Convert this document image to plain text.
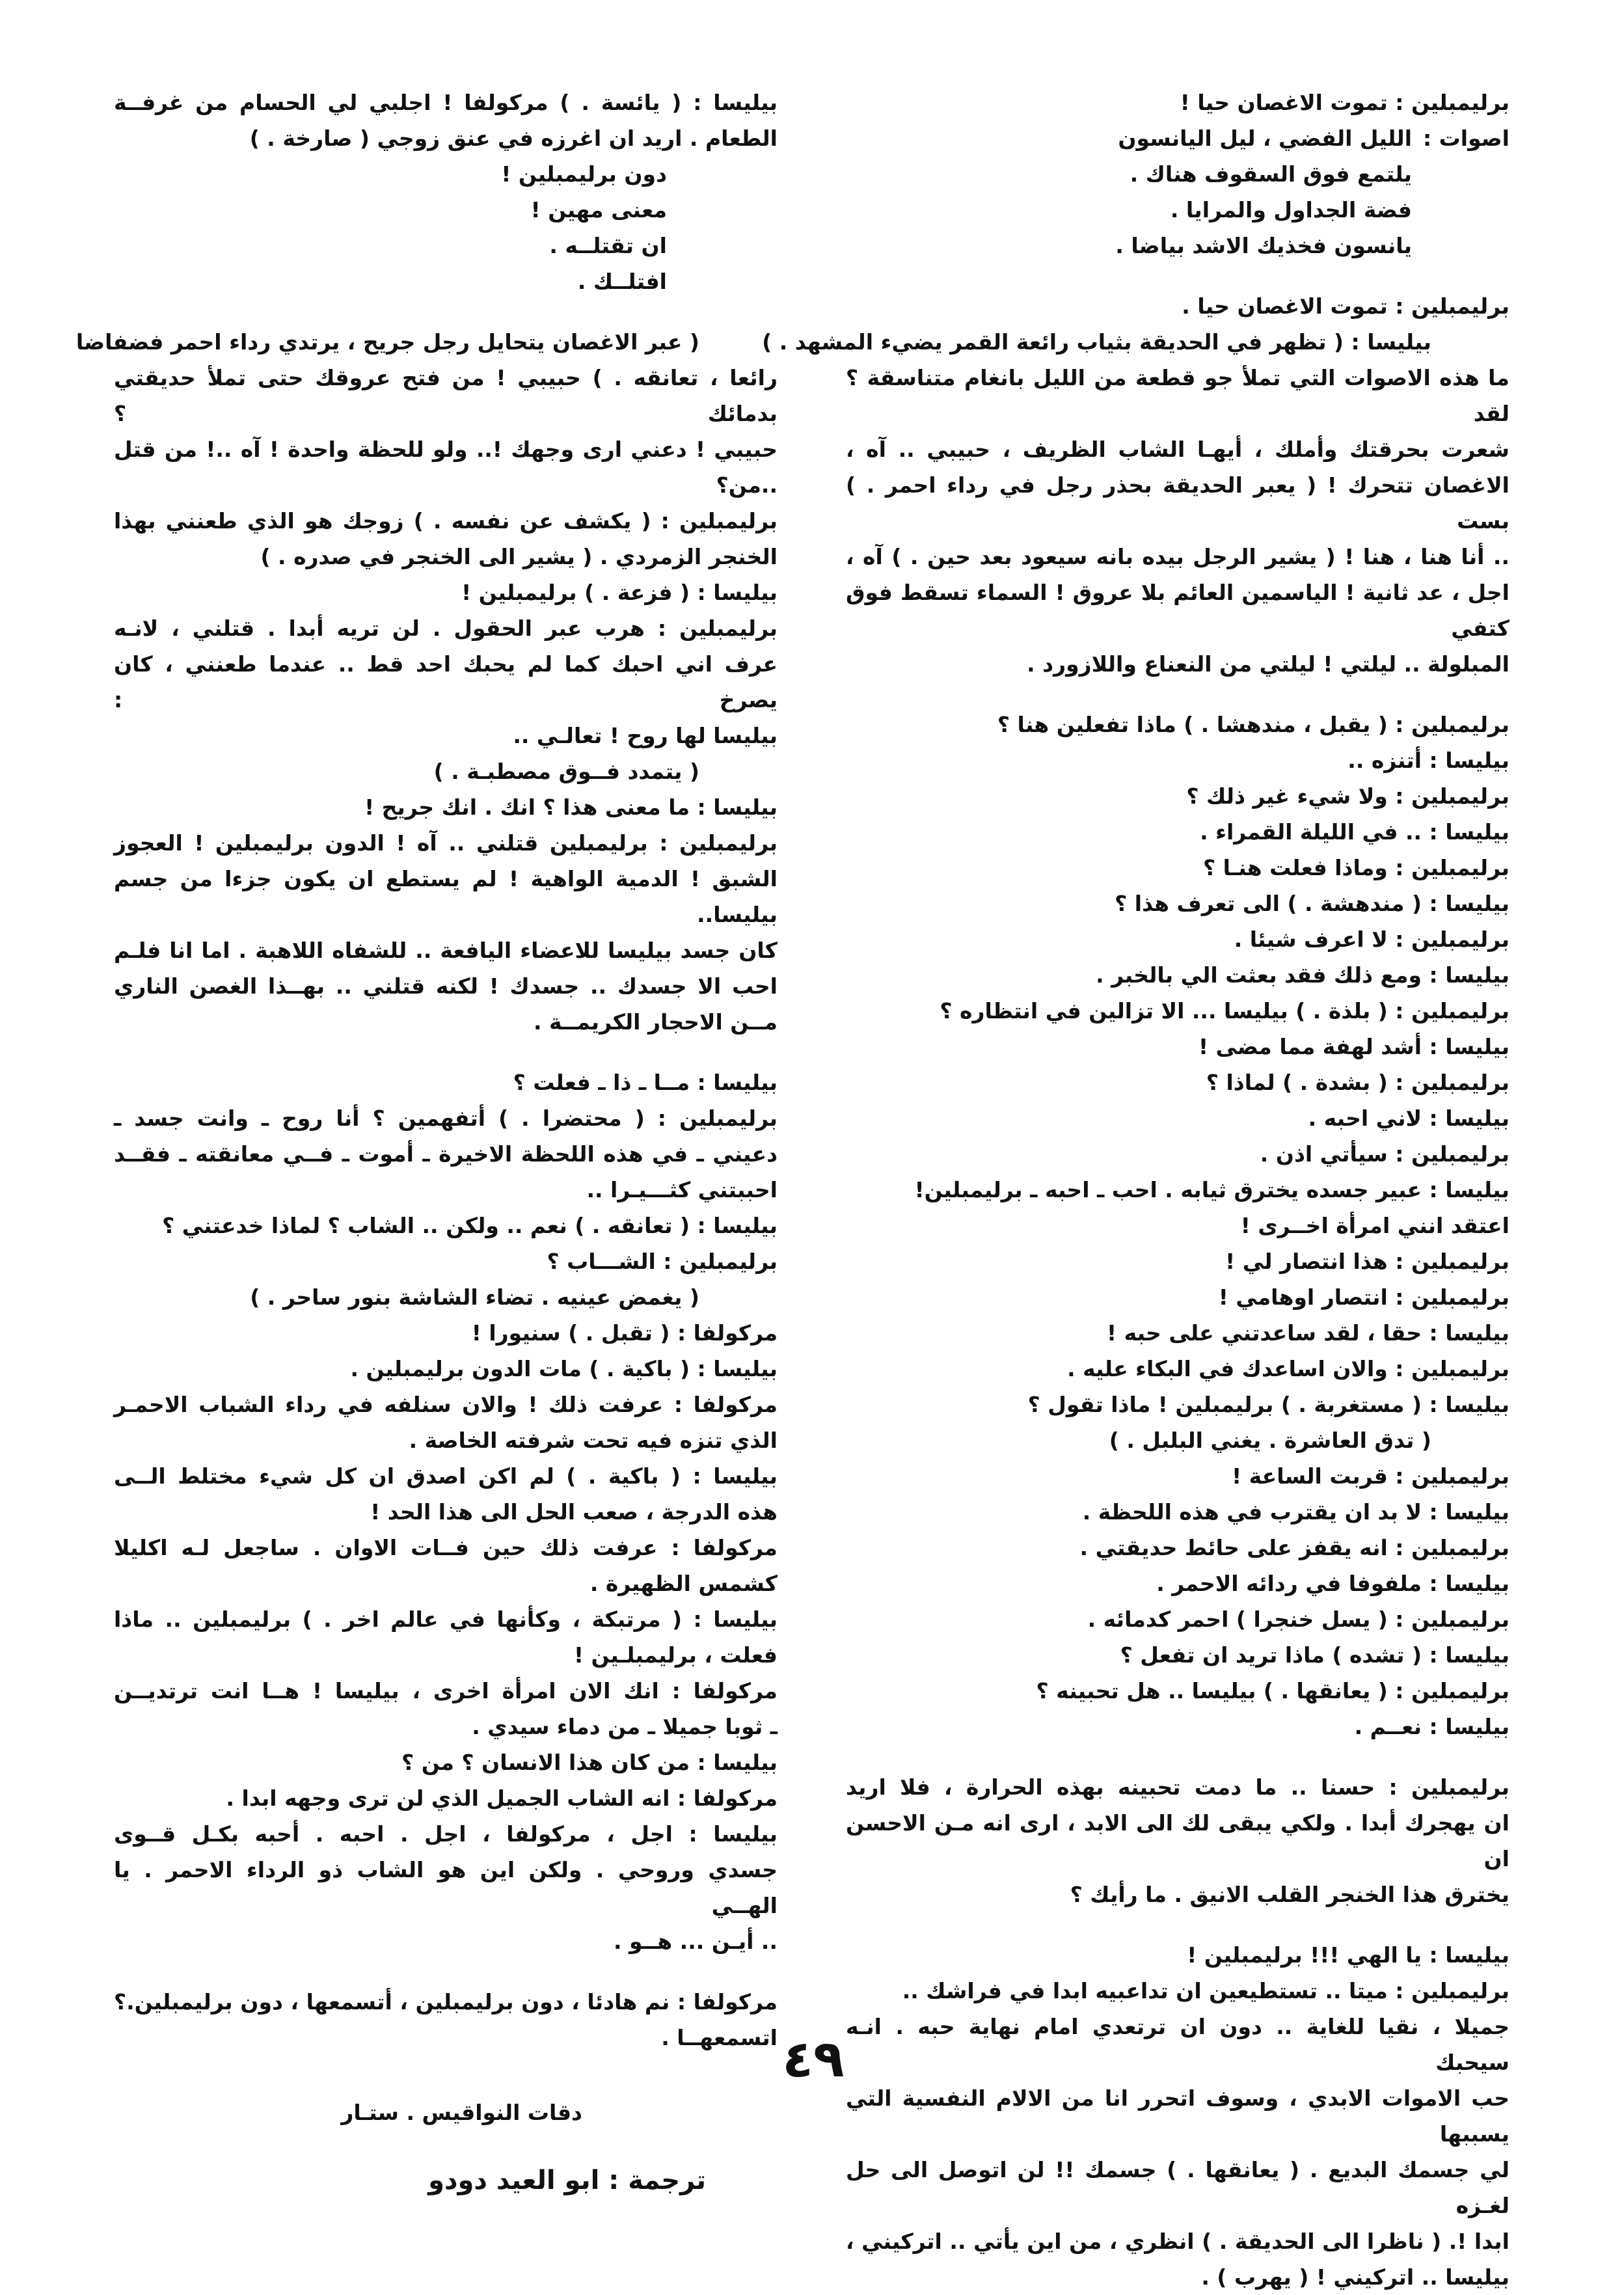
برليمبلين : تموت الاغصان حيا !
اصوات :
الليل الفضي ، ليل اليانسون
يلتمع فوق السقوف هناك .
فضة الجداول والمرايا .
يانسون فخذيك الاشد بياضا .
برليمبلين : تموت الاغصان حيا .
بيليسا : ( تظهر في الحديقة بثياب رائعة القمر يضيء المشهد . )
ما هذه الاصوات التي تملأ جو قطعة من الليل بانغام متناسقة ؟ لقد
شعرت بحرقتك وأملك ، أيهـا الشاب الظريف ، حبيبي .. آه ،
الاغصان تتحرك ! ( يعبر الحديقة بحذر رجل في رداء احمر . ) بست
.. أنا هنا ، هنا ! ( يشير الرجل بيده بانه سيعود بعد حين . ) آه ،
اجل ، عد ثانية ! الياسمين العائم بلا عروق ! السماء تسقط فوق كتفي
المبلولة .. ليلتي ! ليلتي من النعناع واللازورد .
برليمبلين : ( يقبل ، مندهشا . ) ماذا تفعلين هنا ؟
بيليسا : أتنزه ..
برليمبلين : ولا شيء غير ذلك ؟
بيليسا : .. في الليلة القمراء .
برليمبلين : وماذا فعلت هنـا ؟
بيليسا : ( مندهشة . ) الى تعرف هذا ؟
برليمبلين : لا اعرف شيئا .
بيليسا : ومع ذلك فقد بعثت الي بالخبر .
برليمبلين : ( بلذة . ) بيليسا ... الا تزالين في انتظاره ؟
بيليسا : أشد لهفة مما مضى !
برليمبلين : ( بشدة . ) لماذا ؟
بيليسا : لاني احبه .
برليمبلين : سيأتي اذن .
بيليسا : عبير جسده يخترق ثيابه . احب ـ احبه ـ برليمبلين!
اعتقد انني امرأة اخــرى !
برليمبلين : هذا انتصار لي !
برليمبلين : انتصار اوهامي !
بيليسا : حقا ، لقد ساعدتني على حبه !
برليمبلين : والان اساعدك في البكاء عليه .
بيليسا : ( مستغربة . ) برليمبلين ! ماذا تقول ؟
( تدق العاشرة . يغني البلبل . )
برليمبلين : قربت الساعة !
بيليسا : لا بد ان يقترب في هذه اللحظة .
برليمبلين : انه يقفز على حائط حديقتي .
بيليسا : ملفوفا في ردائه الاحمر .
برليمبلين : ( يسل خنجرا ) احمر كدمائه .
بيليسا : ( تشده ) ماذا تريد ان تفعل ؟
برليمبلين : ( يعانقها . ) بيليسا .. هل تحبينه ؟
بيليسا : نعــم .
برليمبلين : حسنا .. ما دمت تحبينه بهذه الحرارة ، فلا اريد
ان يهجرك أبدا . ولكي يبقى لك الى الابد ، ارى انه مـن الاحسن ان
يخترق هذا الخنجر القلب الانيق . ما رأيك ؟
بيليسا : يا الهي !!! برليمبلين !
برليمبلين : ميتا .. تستطيعين ان تداعبيه ابدا في فراشك ..
جميلا ، نقيا للغاية .. دون ان ترتعدي امام نهاية حبه . انـه سيحبك
حب الاموات الابدي ، وسوف اتحرر انا من الالام النفسية التي يسببها
لي جسمك البديع . ( يعانقها . ) جسمك !! لن اتوصل الى حل لغـزه
ابدا !. ( ناظرا الى الحديقة . ) انظري ، من اين يأتي .. اتركيني ،
بيليسا .. اتركيني ! ( يهرب ) .
بيليسا : ( يائسة . ) مركولفا ! اجلبي لي الحسام من غرفــة
الطعام . اريد ان اغرزه في عنق زوجي ( صارخة . )
دون برليمبلين !
معنى مهين !
ان تقتلــه .
افتلــك .
( عبر الاغصان يتحايل رجل جريح ، يرتدي رداء احمر فضفاضا
رائعا ، تعانقه . ) حبيبي ! من فتح عروقك حتى تملأ حديقتي بدمائك ؟
حبيبي ! دعني ارى وجهك !.. ولو للحظة واحدة ! آه ..! من قتل ..من؟
برليمبلين : ( يكشف عن نفسه . ) زوجك هو الذي طعنني بهذا
الخنجر الزمردي . ( يشير الى الخنجر في صدره . )
بيليسا : ( فزعة . ) برليمبلين !
برليمبلين : هرب عبر الحقول . لن تريه أبدا . قتلني ، لانـه
عرف اني احبك كما لم يحبك احد قط .. عندما طعنني ، كان يصرخ :
بيليسا لها روح ! تعالـي ..
( يتمدد فــوق مصطبـة . )
بيليسا : ما معنى هذا ؟ انك . انك جريح !
برليمبلين : برليمبلين قتلني .. آه ! الدون برليمبلين ! العجوز
الشبق ! الدمية الواهية ! لم يستطع ان يكون جزءا من جسم بيليسا..
كان جسد بيليسا للاعضاء اليافعة .. للشفاه اللاهبة . اما انا فلـم
احب الا جسدك .. جسدك ! لكنه قتلني .. بهــذا الغصن الناري
مــن الاحجار الكريمــة .
بيليسا : مــا ـ ذا ـ فعلت ؟
برليمبلين : ( محتضرا . ) أتفهمين ؟ أنا روح ـ وانت جسد ـ
دعيني ـ في هذه اللحظة الاخيرة ـ أموت ـ فــي معانقته ـ فقــد
احببتني كثـــيـرا ..
بيليسا : ( تعانقه . ) نعم .. ولكن .. الشاب ؟ لماذا خدعتني ؟
برليمبلين : الشـــاب ؟
( يغمض عينيه . تضاء الشاشة بنور ساحر . )
مركولفا : ( تقبل . ) سنيورا !
بيليسا : ( باكية . ) مات الدون برليمبلين .
مركولفا : عرفت ذلك ! والان سنلفه في رداء الشباب الاحمـر
الذي تنزه فيه تحت شرفته الخاصة .
بيليسا : ( باكية . ) لم اكن اصدق ان كل شيء مختلط الــى
هذه الدرجة ، صعب الحل الى هذا الحد !
مركولفا : عرفت ذلك حين فــات الاوان . ساجعل لـه اكليلا
كشمس الظهيرة .
بيليسا : ( مرتبكة ، وكأنها في عالم اخر . ) برليمبلين .. ماذا
فعلت ، برليمبلـين !
مركولفا : انك الان امرأة اخرى ، بيليسا ! هــا انت ترتديــن
ـ ثوبا جميلا ـ من دماء سيدي .
بيليسا : من كان هذا الانسان ؟ من ؟
مركولفا : انه الشاب الجميل الذي لن ترى وجهه ابدا .
بيليسا : اجل ، مركولفا ، اجل . احبه . أحبه بكـل قــوى
جسدي وروحي . ولكن اين هو الشاب ذو الرداء الاحمر . يا الهــي
.. أيـن ... هــو .
مركولفا : نم هادئا ، دون برليمبلين ، أتسمعها ، دون برليمبلين.؟
اتسمعهــا .
دقات النواقيس . ستـار
ترجمة : ابو العيد دودو
٤٩
